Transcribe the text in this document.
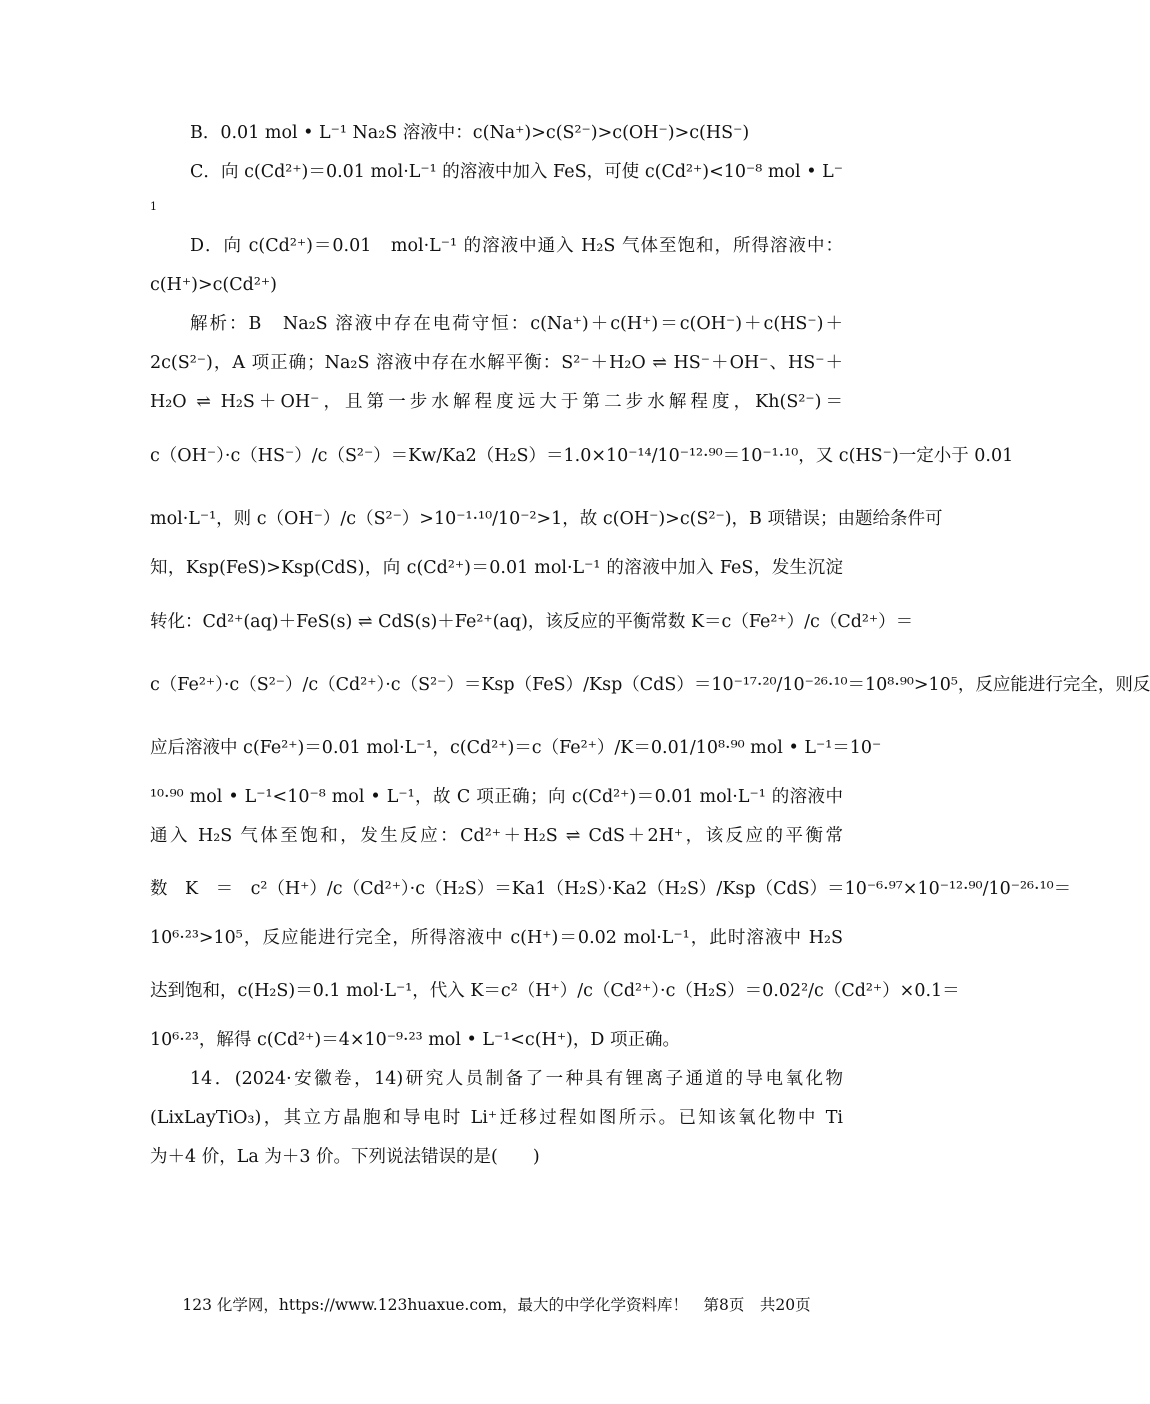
B．0.01 mol • L⁻¹ Na₂S 溶液中：c(Na⁺)>c(S²⁻)>c(OH⁻)>c(HS⁻)

C．向 c(Cd²⁺)＝0.01 mol·L⁻¹ 的溶液中加入 FeS，可使 c(Cd²⁺)<10⁻⁸ mol • L⁻

1

D．向 c(Cd²⁺)＝0.01　mol·L⁻¹ 的溶液中通入 H₂S 气体至饱和，所得溶液中：

c(H⁺)>c(Cd²⁺)

解析：B　Na₂S 溶液中存在电荷守恒：c(Na⁺)＋c(H⁺)＝c(OH⁻)＋c(HS⁻)＋

2c(S²⁻)，A 项正确；Na₂S 溶液中存在水解平衡：S²⁻＋H₂O ⇌ HS⁻＋OH⁻、HS⁻＋

H₂O ⇌ H₂S＋OH⁻，且第一步水解程度远大于第二步水解程度，Kh(S²⁻)＝

c（OH⁻）·c（HS⁻）/c（S²⁻）＝Kw/Ka2（H₂S）＝1.0×10⁻¹⁴/10⁻¹²·⁹⁰＝10⁻¹·¹⁰，又 c(HS⁻)一定小于 0.01

mol·L⁻¹，则 c（OH⁻）/c（S²⁻）>10⁻¹·¹⁰/10⁻²>1，故 c(OH⁻)>c(S²⁻)，B 项错误；由题给条件可

知，Ksp(FeS)>Ksp(CdS)，向 c(Cd²⁺)＝0.01 mol·L⁻¹ 的溶液中加入 FeS，发生沉淀

转化：Cd²⁺(aq)＋FeS(s) ⇌ CdS(s)＋Fe²⁺(aq)，该反应的平衡常数 K＝c（Fe²⁺）/c（Cd²⁺）＝

c（Fe²⁺）·c（S²⁻）/c（Cd²⁺）·c（S²⁻）＝Ksp（FeS）/Ksp（CdS）＝10⁻¹⁷·²⁰/10⁻²⁶·¹⁰＝10⁸·⁹⁰>10⁵，反应能进行完全，则反

应后溶液中 c(Fe²⁺)＝0.01 mol·L⁻¹，c(Cd²⁺)＝c（Fe²⁺）/K＝0.01/10⁸·⁹⁰ mol • L⁻¹＝10⁻

¹⁰·⁹⁰ mol • L⁻¹<10⁻⁸ mol • L⁻¹，故 C 项正确；向 c(Cd²⁺)＝0.01 mol·L⁻¹ 的溶液中

通入 H₂S 气体至饱和，发生反应：Cd²⁺＋H₂S ⇌ CdS＋2H⁺，该反应的平衡常

数　K　＝　c²（H⁺）/c（Cd²⁺）·c（H₂S）＝Ka1（H₂S）·Ka2（H₂S）/Ksp（CdS）＝10⁻⁶·⁹⁷×10⁻¹²·⁹⁰/10⁻²⁶·¹⁰＝

10⁶·²³>10⁵，反应能进行完全，所得溶液中 c(H⁺)＝0.02 mol·L⁻¹，此时溶液中 H₂S

达到饱和，c(H₂S)＝0.1 mol·L⁻¹，代入 K＝c²（H⁺）/c（Cd²⁺）·c（H₂S）＝0.02²/c（Cd²⁺）×0.1＝

10⁶·²³，解得 c(Cd²⁺)＝4×10⁻⁹·²³ mol • L⁻¹<c(H⁺)，D 项正确。

14．(2024·安徽卷，14)研究人员制备了一种具有锂离子通道的导电氧化物

(LixLayTiO₃)，其立方晶胞和导电时 Li⁺迁移过程如图所示。已知该氧化物中 Ti

为＋4 价，La 为＋3 价。下列说法错误的是(　　)

123 化学网，https://www.123huaxue.com，最大的中学化学资料库！　第8页　共20页
